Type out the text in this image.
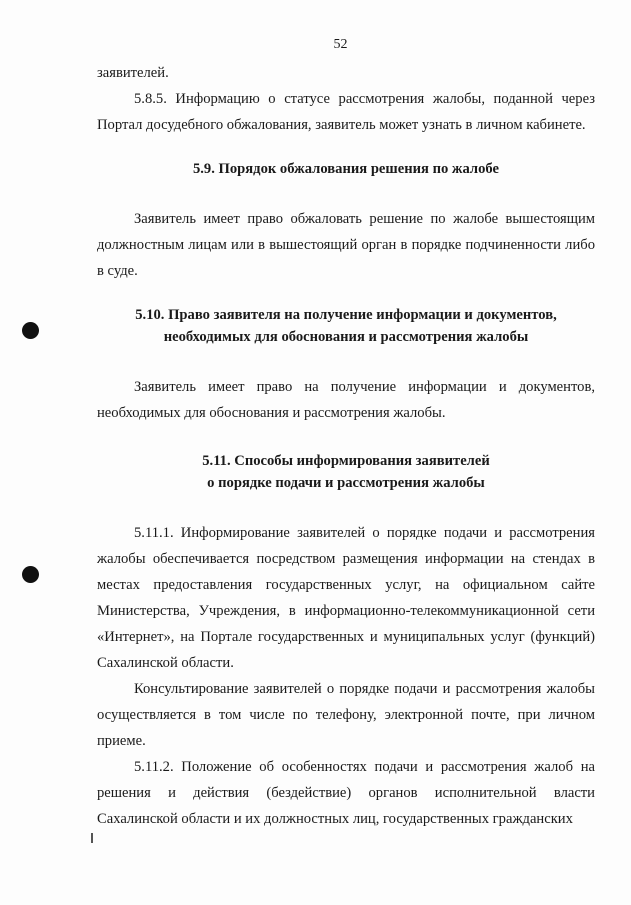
52

заявителей.

5.8.5. Информацию о статусе рассмотрения жалобы, поданной через Портал досудебного обжалования, заявитель может узнать в личном кабинете.

5.9. Порядок обжалования решения по жалобе

Заявитель имеет право обжаловать решение по жалобе вышестоящим должностным лицам или в вышестоящий орган в порядке подчиненности либо в суде.

5.10. Право заявителя на получение информации и документов,

необходимых для обоснования и рассмотрения жалобы

Заявитель имеет право на получение информации и документов, необходимых для обоснования и рассмотрения жалобы.

5.11. Способы информирования заявителей

о порядке подачи и рассмотрения жалобы

5.11.1. Информирование заявителей о порядке подачи и рассмотрения жалобы обеспечивается посредством размещения информации на стендах в местах предоставления государственных услуг, на официальном сайте Министерства, Учреждения, в информационно-телекоммуникационной сети «Интернет», на Портале государственных и муниципальных услуг (функций) Сахалинской области.

Консультирование заявителей о порядке подачи и рассмотрения жалобы осуществляется в том числе по телефону, электронной почте, при личном приеме.

5.11.2. Положение об особенностях подачи и рассмотрения жалоб на решения и действия (бездействие) органов исполнительной власти Сахалинской области и их должностных лиц, государственных гражданских
